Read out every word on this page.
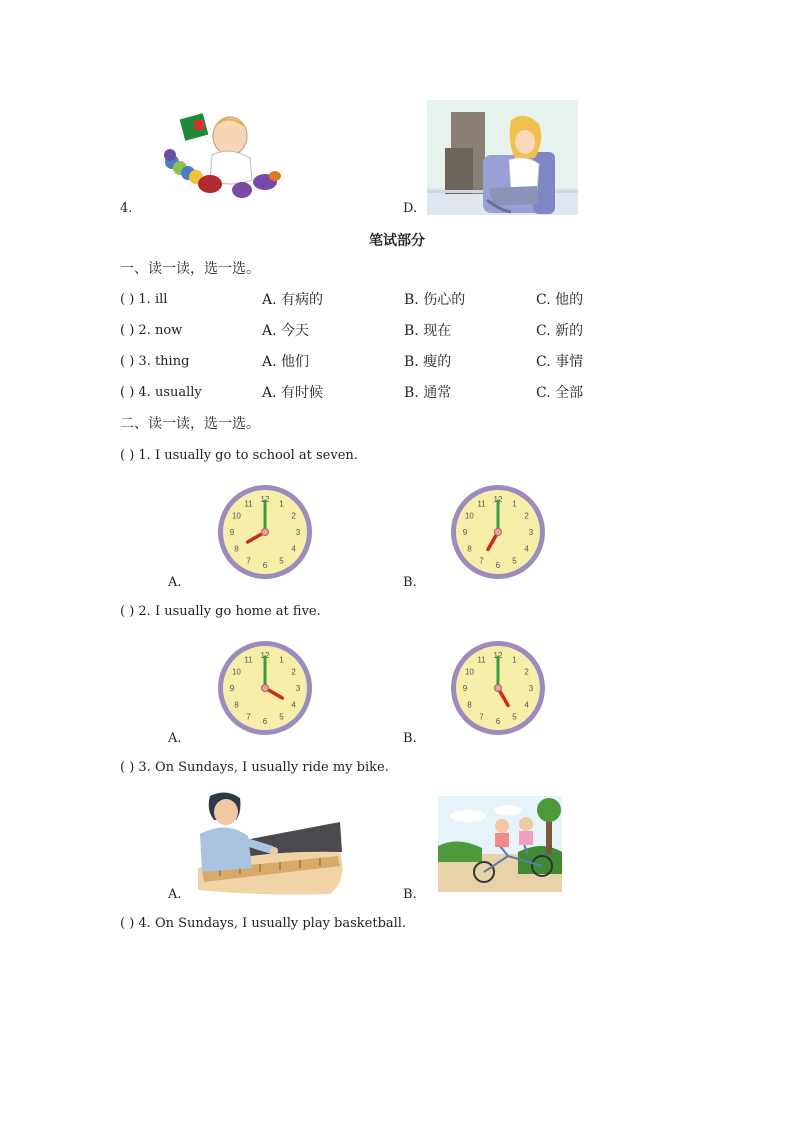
4.	D.
笔试部分
一、读一读，选一选。
( ) 1. ill	A. 有病的	B. 伤心的	C. 他的
( ) 2. now	A. 今天	B. 现在	C. 新的
( ) 3. thing	A. 他们	B. 瘦的	C. 事情
( ) 4. usually	A. 有时候	B. 通常	C. 全部
二、读一读，选一选。
( ) 1. I usually go to school at seven.
12 1
2
3
4
5
6
7
8
9
10
11
A.
12 1
2
3
4
5
6
7
8
9
10
11
B.
( ) 2. I usually go home at five.
12 1
2
3
4
5
6
7
8
9
10
11
A.
12 1
2
3
4
5
6
7
8
9
10
11
B.
( ) 3. On Sundays, I usually ride my bike.
A.	B.
( ) 4. On Sundays, I usually play basketball.
